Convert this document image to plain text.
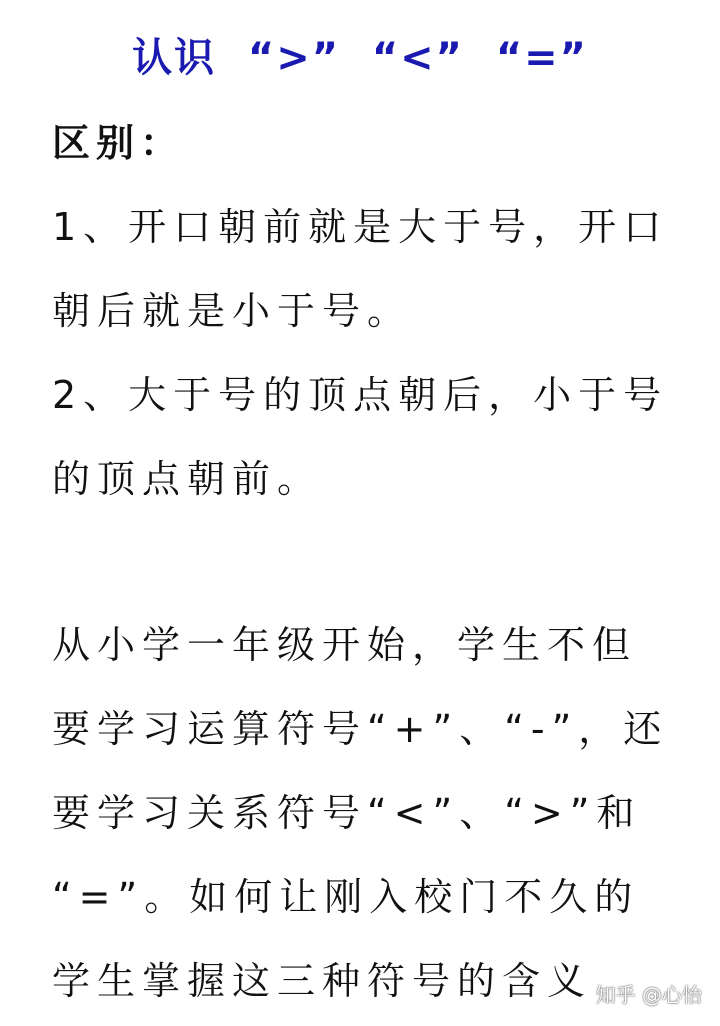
认识  “>”  “<”  “=”
区别：
1、开口朝前就是大于号，开口
朝后就是小于号。
2、大于号的顶点朝后，小于号
的顶点朝前。
从小学一年级开始，学生不但
要学习运算符号“+”、“-”，还
要学习关系符号“<”、“>”和
“=”。如何让刚入校门不久的
学生掌握这三种符号的含义 知乎 @心怡
